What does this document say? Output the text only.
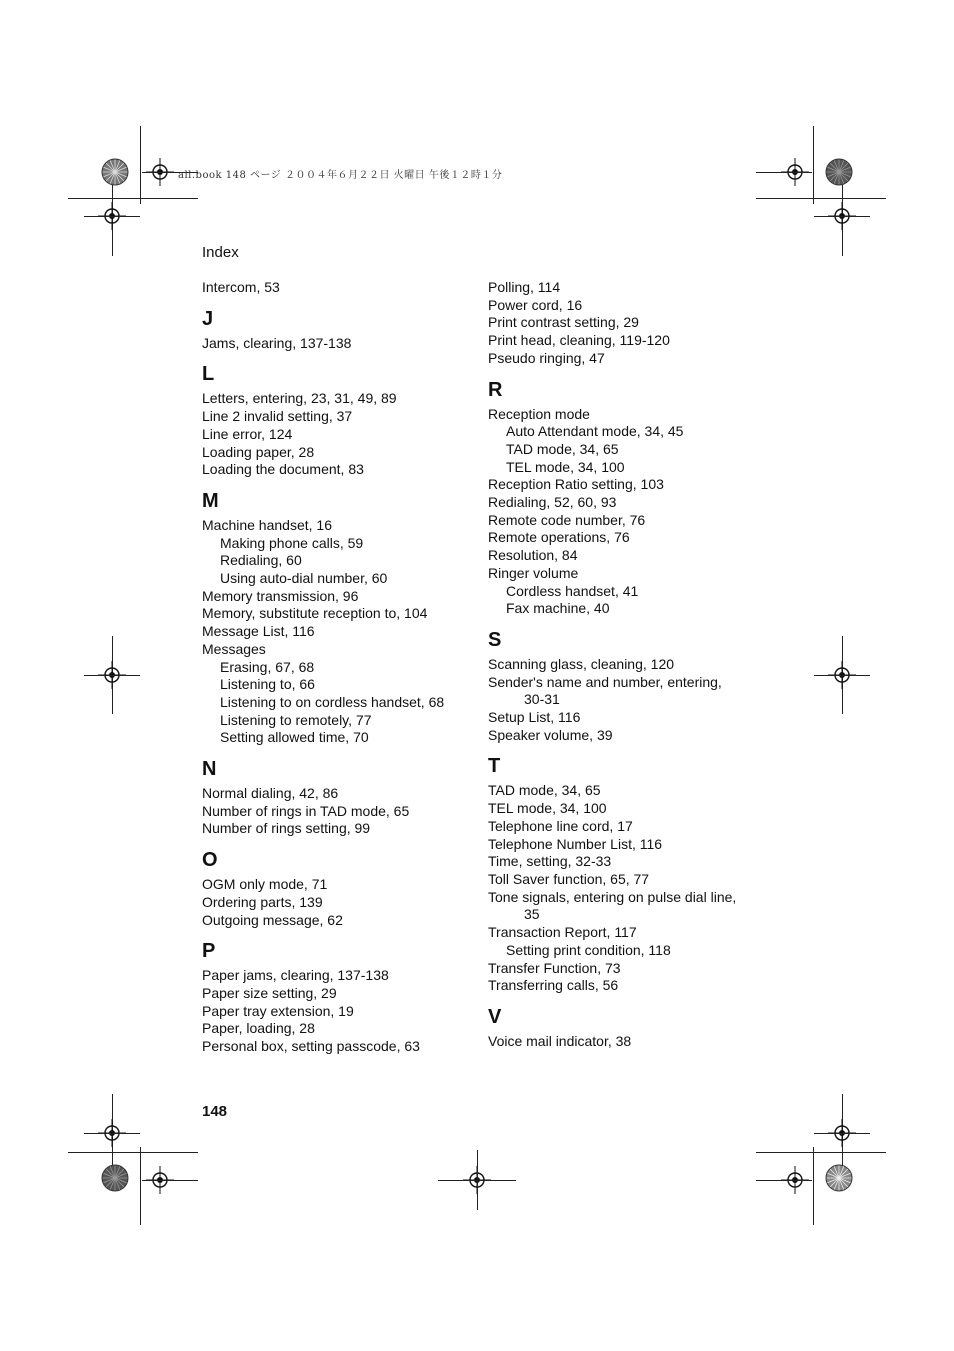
all.book 148 ページ ２００４年６月２２日 火曜日 午後１２時１分
Index
Intercom, 53
J
Jams, clearing, 137-138
L
Letters, entering, 23, 31, 49, 89
Line 2 invalid setting, 37
Line error, 124
Loading paper, 28
Loading the document, 83
M
Machine handset, 16
Making phone calls, 59
Redialing, 60
Using auto-dial number, 60
Memory transmission, 96
Memory, substitute reception to, 104
Message List, 116
Messages
Erasing, 67, 68
Listening to, 66
Listening to on cordless handset, 68
Listening to remotely, 77
Setting allowed time, 70
N
Normal dialing, 42, 86
Number of rings in TAD mode, 65
Number of rings setting, 99
O
OGM only mode, 71
Ordering parts, 139
Outgoing message, 62
P
Paper jams, clearing, 137-138
Paper size setting, 29
Paper tray extension, 19
Paper, loading, 28
Personal box, setting passcode, 63
Polling, 114
Power cord, 16
Print contrast setting, 29
Print head, cleaning, 119-120
Pseudo ringing, 47
R
Reception mode
Auto Attendant mode, 34, 45
TAD mode, 34, 65
TEL mode, 34, 100
Reception Ratio setting, 103
Redialing, 52, 60, 93
Remote code number, 76
Remote operations, 76
Resolution, 84
Ringer volume
Cordless handset, 41
Fax machine, 40
S
Scanning glass, cleaning, 120
Sender's name and number, entering,
30-31
Setup List, 116
Speaker volume, 39
T
TAD mode, 34, 65
TEL mode, 34, 100
Telephone line cord, 17
Telephone Number List, 116
Time, setting, 32-33
Toll Saver function, 65, 77
Tone signals, entering on pulse dial line,
35
Transaction Report, 117
Setting print condition, 118
Transfer Function, 73
Transferring calls, 56
V
Voice mail indicator, 38
148
